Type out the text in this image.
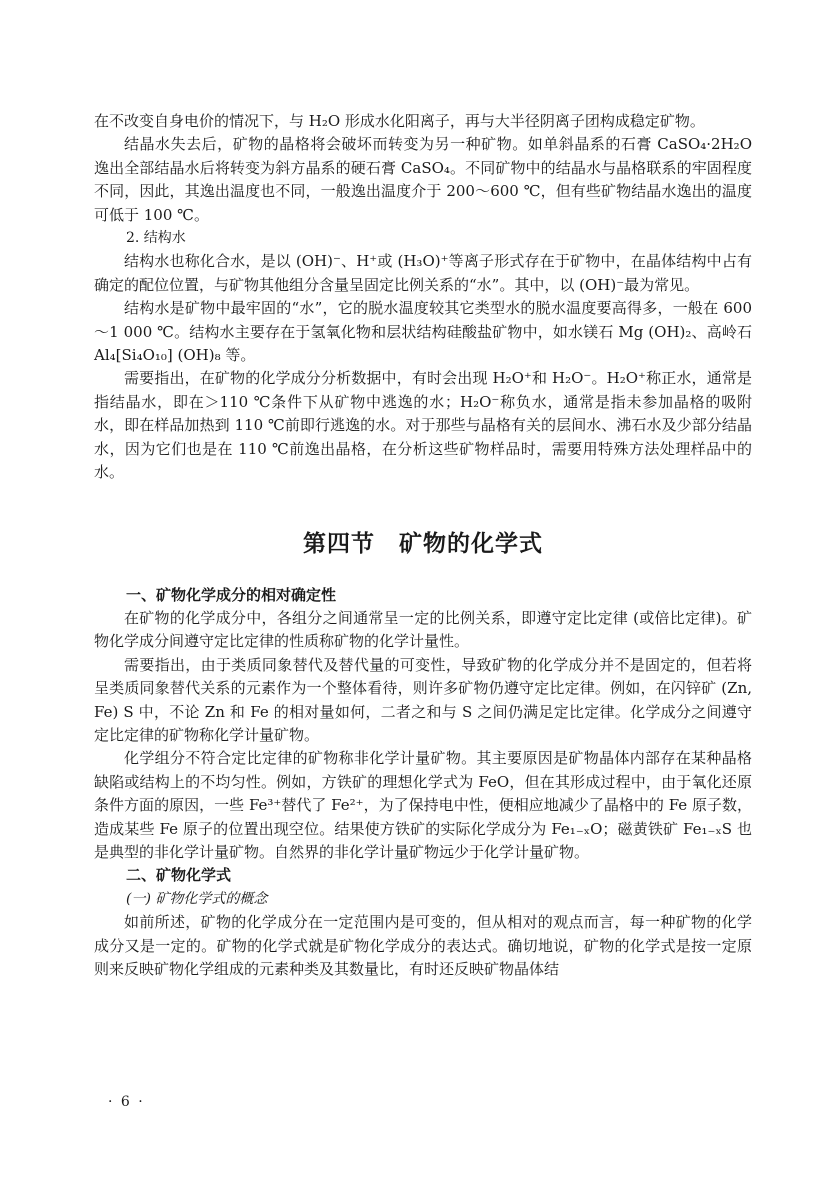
在不改变自身电价的情况下，与 H₂O 形成水化阳离子，再与大半径阴离子团构成稳定矿物。

结晶水失去后，矿物的晶格将会破坏而转变为另一种矿物。如单斜晶系的石膏 CaSO₄·2H₂O 逸出全部结晶水后将转变为斜方晶系的硬石膏 CaSO₄。不同矿物中的结晶水与晶格联系的牢固程度不同，因此，其逸出温度也不同，一般逸出温度介于 200～600 ℃，但有些矿物结晶水逸出的温度可低于 100 ℃。

2. 结构水

结构水也称化合水，是以 (OH)⁻、H⁺或 (H₃O)⁺等离子形式存在于矿物中，在晶体结构中占有确定的配位位置，与矿物其他组分含量呈固定比例关系的“水”。其中，以 (OH)⁻最为常见。

结构水是矿物中最牢固的“水”，它的脱水温度较其它类型水的脱水温度要高得多，一般在 600～1 000 ℃。结构水主要存在于氢氧化物和层状结构硅酸盐矿物中，如水镁石 Mg (OH)₂、高岭石 Al₄[Si₄O₁₀] (OH)₈ 等。

需要指出，在矿物的化学成分分析数据中，有时会出现 H₂O⁺和 H₂O⁻。H₂O⁺称正水，通常是指结晶水，即在＞110 ℃条件下从矿物中逃逸的水；H₂O⁻称负水，通常是指未参加晶格的吸附水，即在样品加热到 110 ℃前即行逃逸的水。对于那些与晶格有关的层间水、沸石水及少部分结晶水，因为它们也是在 110 ℃前逸出晶格，在分析这些矿物样品时，需要用特殊方法处理样品中的水。

第四节　矿物的化学式

一、矿物化学成分的相对确定性

在矿物的化学成分中，各组分之间通常呈一定的比例关系，即遵守定比定律 (或倍比定律)。矿物化学成分间遵守定比定律的性质称矿物的化学计量性。

需要指出，由于类质同象替代及替代量的可变性，导致矿物的化学成分并不是固定的，但若将呈类质同象替代关系的元素作为一个整体看待，则许多矿物仍遵守定比定律。例如，在闪锌矿 (Zn, Fe) S 中，不论 Zn 和 Fe 的相对量如何，二者之和与 S 之间仍满足定比定律。化学成分之间遵守定比定律的矿物称化学计量矿物。

化学组分不符合定比定律的矿物称非化学计量矿物。其主要原因是矿物晶体内部存在某种晶格缺陷或结构上的不均匀性。例如，方铁矿的理想化学式为 FeO，但在其形成过程中，由于氧化还原条件方面的原因，一些 Fe³⁺替代了 Fe²⁺，为了保持电中性，便相应地减少了晶格中的 Fe 原子数，造成某些 Fe 原子的位置出现空位。结果使方铁矿的实际化学成分为 Fe₁₋ₓO；磁黄铁矿 Fe₁₋ₓS 也是典型的非化学计量矿物。自然界的非化学计量矿物远少于化学计量矿物。

二、矿物化学式

(一) 矿物化学式的概念

如前所述，矿物的化学成分在一定范围内是可变的，但从相对的观点而言，每一种矿物的化学成分又是一定的。矿物的化学式就是矿物化学成分的表达式。确切地说，矿物的化学式是按一定原则来反映矿物化学组成的元素种类及其数量比，有时还反映矿物晶体结

· 6 ·
